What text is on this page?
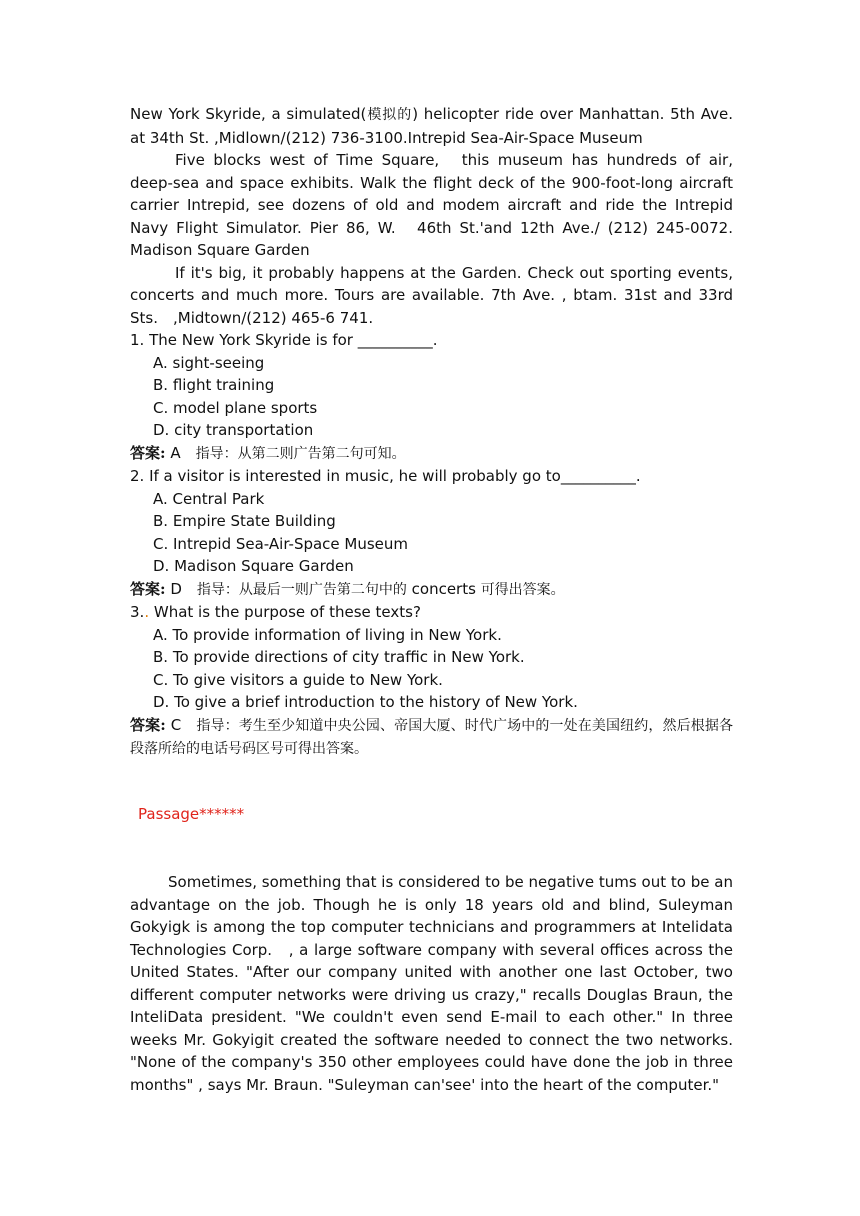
New York Skyride, a simulated(模拟的) helicopter ride over Manhattan. 5th Ave. at 34th St. ,Midlown/(212) 736-3100.Intrepid Sea-Air-Space Museum

Five blocks west of Time Square,　this museum has hundreds of air, deep-sea and space exhibits. Walk the flight deck of the 900-foot-long aircraft carrier Intrepid, see dozens of old and modem aircraft and ride the Intrepid Navy Flight Simulator. Pier 86, W.　46th St.'and 12th Ave./ (212) 245-0072. Madison Square Garden

If it's big, it probably happens at the Garden. Check out sporting events, concerts and much more. Tours are available. 7th Ave. , btam. 31st and 33rd Sts.　,Midtown/(212) 465-6 741.

1. The New York Skyride is for __________.

A. sight-seeing

B. flight training

C. model plane sports

D. city transportation

答案: A　指导：从第二则广告第二句可知。

2. If a visitor is interested in music, he will probably go to__________.

A. Central Park

B. Empire State Building

C. Intrepid Sea-Air-Space Museum

D. Madison Square Garden

答案: D　指导：从最后一则广告第二句中的 concerts 可得出答案。

3.. What is the purpose of these texts?

A. To provide information of living in New York.

B. To provide directions of city traffic in New York.

C. To give visitors a guide to New York.

D. To give a brief introduction to the history of New York.

答案: C　指导：考生至少知道中央公园、帝国大厦、时代广场中的一处在美国纽约，然后根据各段落所给的电话号码区号可得出答案。

Passage******

Sometimes, something that is considered to be negative tums out to be an advantage on the job. Though he is only 18 years old and blind, Suleyman Gokyigk is among the top computer technicians and programmers at Intelidata Technologies Corp.　, a large software company with several offices across the United States. "After our company united with another one last October, two different computer networks were driving us crazy," recalls Douglas Braun, the InteliData president. "We couldn't even send E-mail to each other." In three weeks Mr. Gokyigit created the software needed to connect the two networks. "None of the company's 350 other employees could have done the job in three months" , says Mr. Braun. "Suleyman can'see' into the heart of the computer."
